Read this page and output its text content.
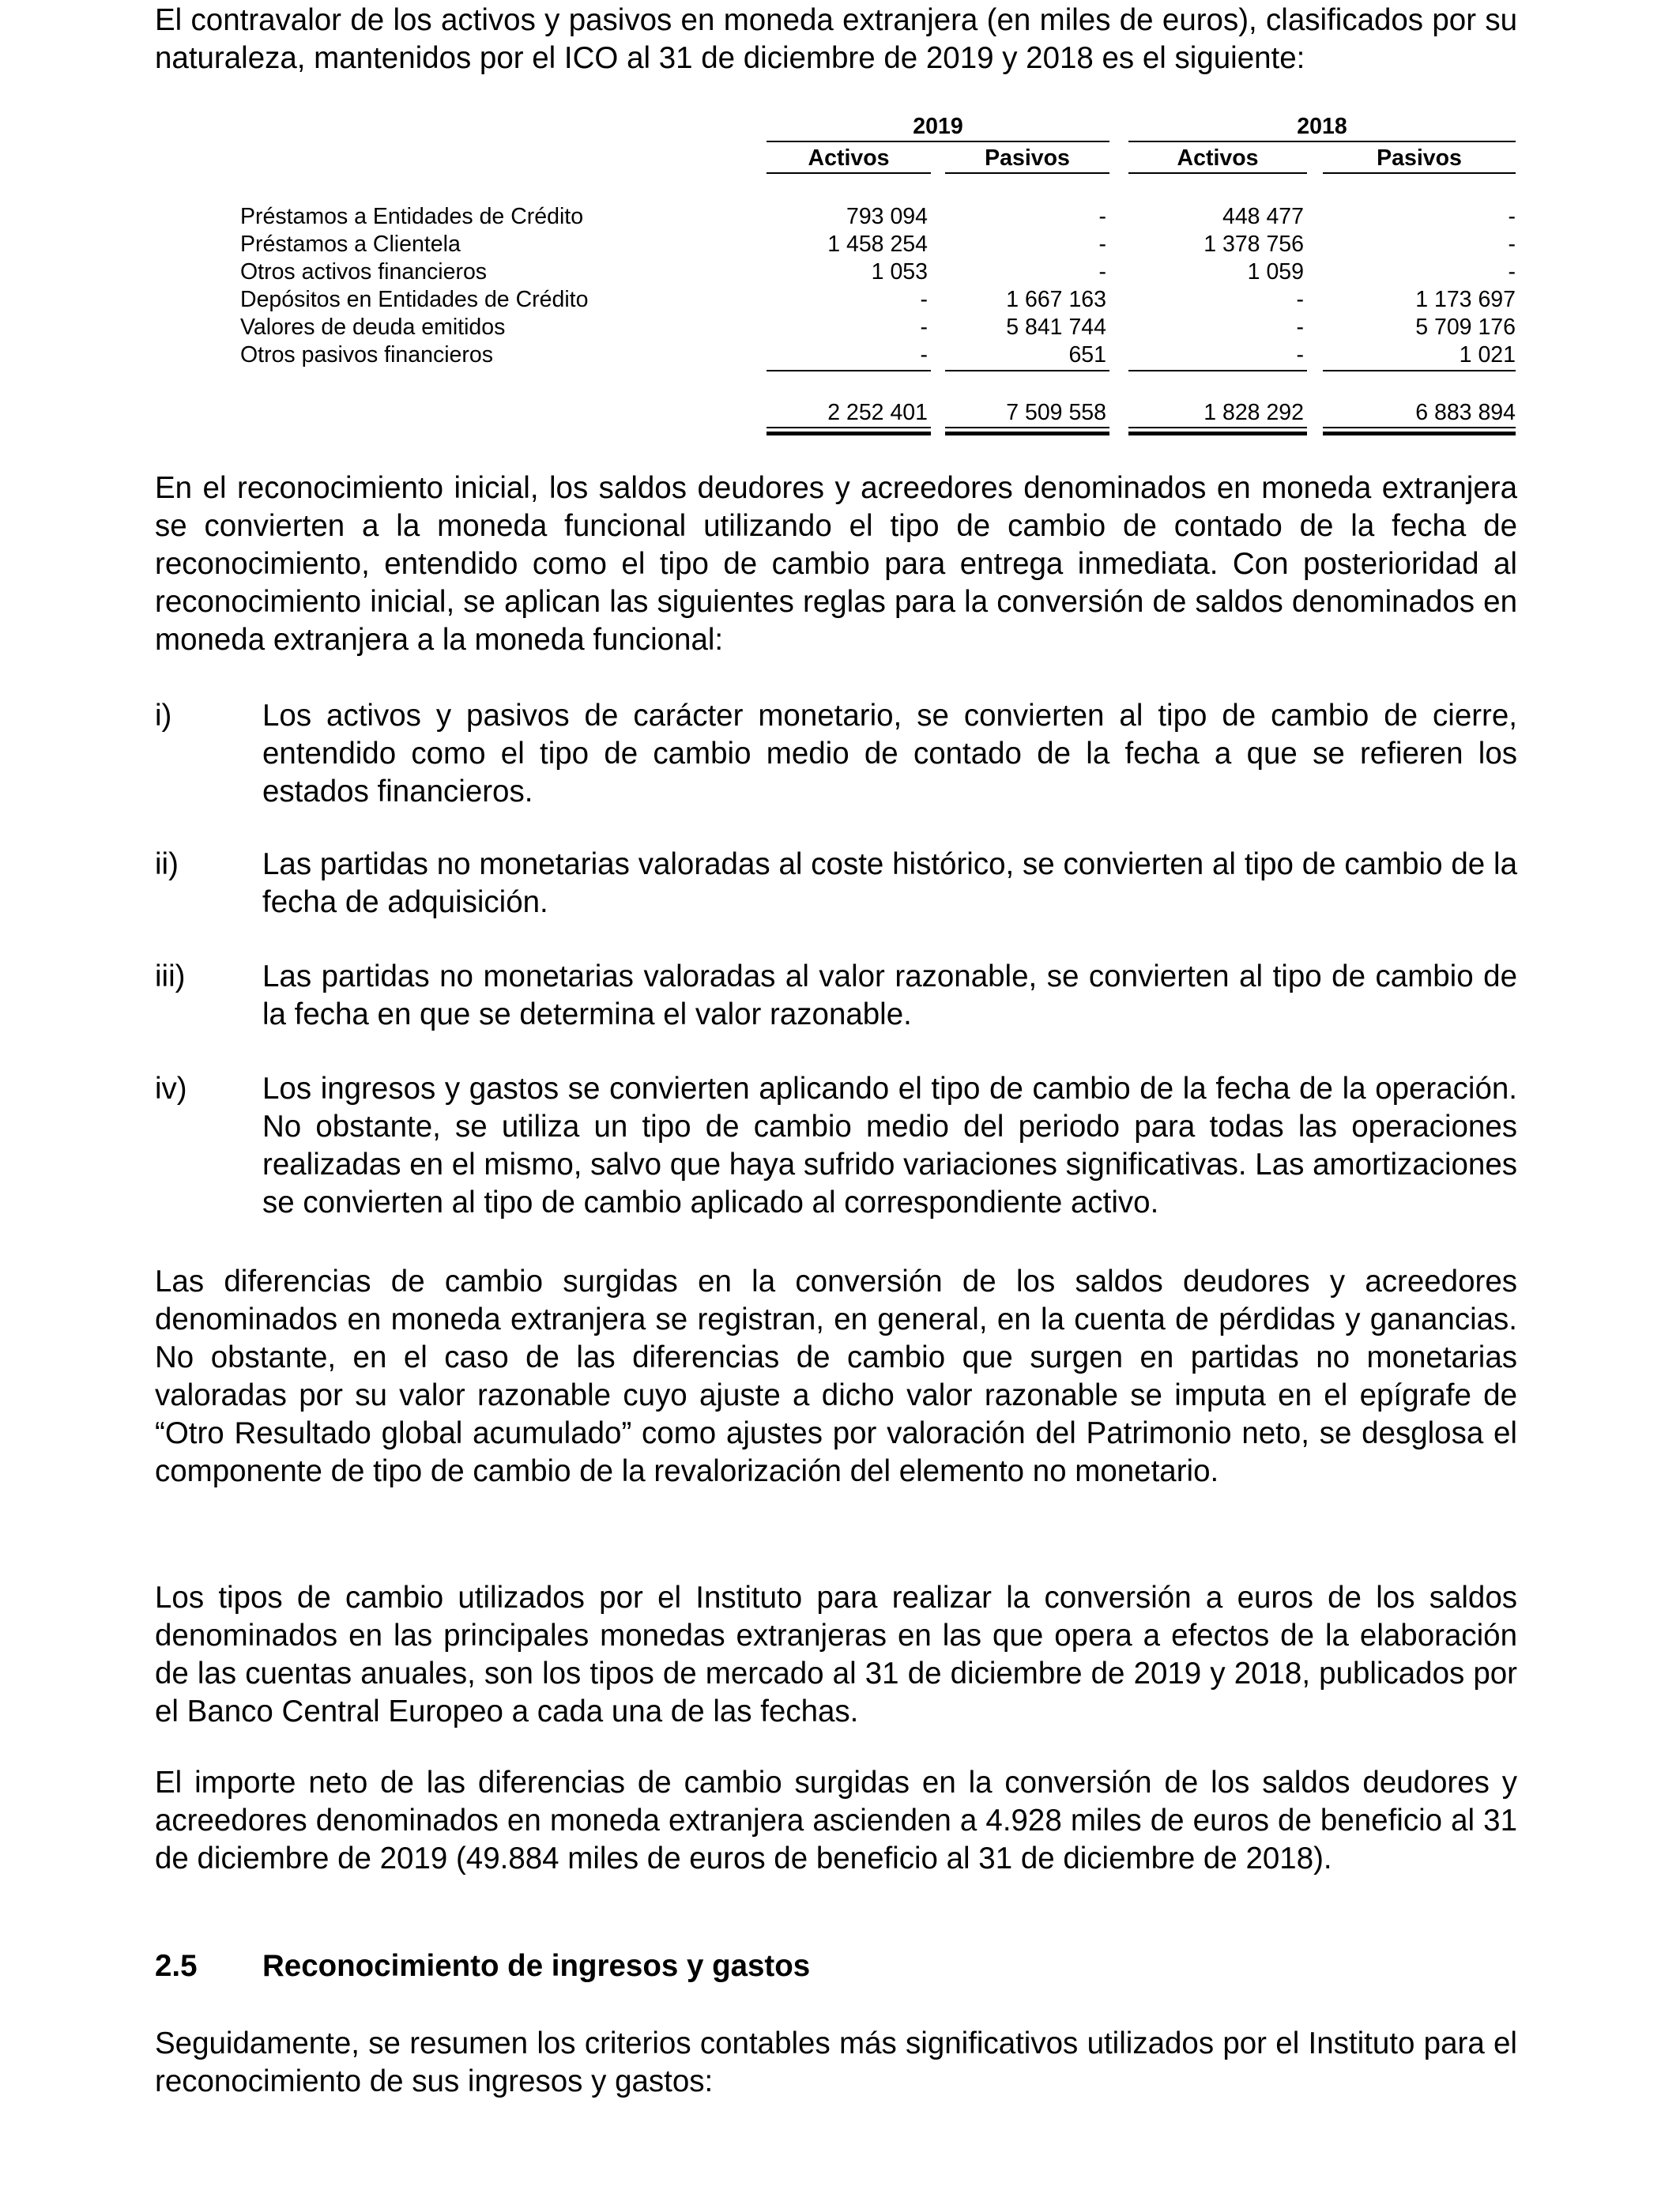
El contravalor de los activos y pasivos en moneda extranjera (en miles de euros), clasificados por su naturaleza, mantenidos por el ICO al 31 de diciembre de 2019 y 2018 es el siguiente:

2019	2018
Activos	Pasivos	Activos	Pasivos
Préstamos a Entidades de Crédito	793 094	-	448 477	-
Préstamos a Clientela	1 458 254	-	1 378 756	-
Otros activos financieros	1 053	-	1 059	-
Depósitos en Entidades de Crédito	-	1 667 163	-	1 173 697
Valores de deuda emitidos	-	5 841 744	-	5 709 176
Otros pasivos financieros	-	651	-	1 021
2 252 401	7 509 558	1 828 292	6 883 894

En el reconocimiento inicial, los saldos deudores y acreedores denominados en moneda extranjera se convierten a la moneda funcional utilizando el tipo de cambio de contado de la fecha de reconocimiento, entendido como el tipo de cambio para entrega inmediata. Con posterioridad al reconocimiento inicial, se aplican las siguientes reglas para la conversión de saldos denominados en moneda extranjera a la moneda funcional:

i)	Los activos y pasivos de carácter monetario, se convierten al tipo de cambio de cierre, entendido como el tipo de cambio medio de contado de la fecha a que se refieren los estados financieros.

ii)	Las partidas no monetarias valoradas al coste histórico, se convierten al tipo de cambio de la fecha de adquisición.

iii)	Las partidas no monetarias valoradas al valor razonable, se convierten al tipo de cambio de la fecha en que se determina el valor razonable.

iv) Los ingresos y gastos se convierten aplicando el tipo de cambio de la fecha de la operación. No obstante, se utiliza un tipo de cambio medio del periodo para todas las operaciones realizadas en el mismo, salvo que haya sufrido variaciones significativas. Las amortizaciones se convierten al tipo de cambio aplicado al correspondiente activo.

Las diferencias de cambio surgidas en la conversión de los saldos deudores y acreedores denominados en moneda extranjera se registran, en general, en la cuenta de pérdidas y ganancias. No obstante, en el caso de las diferencias de cambio que surgen en partidas no monetarias valoradas por su valor razonable cuyo ajuste a dicho valor razonable se imputa en el epígrafe de “Otro Resultado global acumulado” como ajustes por valoración del Patrimonio neto, se desglosa el componente de tipo de cambio de la revalorización del elemento no monetario.

Los tipos de cambio utilizados por el Instituto para realizar la conversión a euros de los saldos denominados en las principales monedas extranjeras en las que opera a efectos de la elaboración de las cuentas anuales, son los tipos de mercado al 31 de diciembre de 2019 y 2018, publicados por el Banco Central Europeo a cada una de las fechas.

El importe neto de las diferencias de cambio surgidas en la conversión de los saldos deudores y acreedores denominados en moneda extranjera ascienden a 4.928 miles de euros de beneficio al 31 de diciembre de 2019 (49.884 miles de euros de beneficio al 31 de diciembre de 2018).

2.5 Reconocimiento de ingresos y gastos

Seguidamente, se resumen los criterios contables más significativos utilizados por el Instituto para el reconocimiento de sus ingresos y gastos:
